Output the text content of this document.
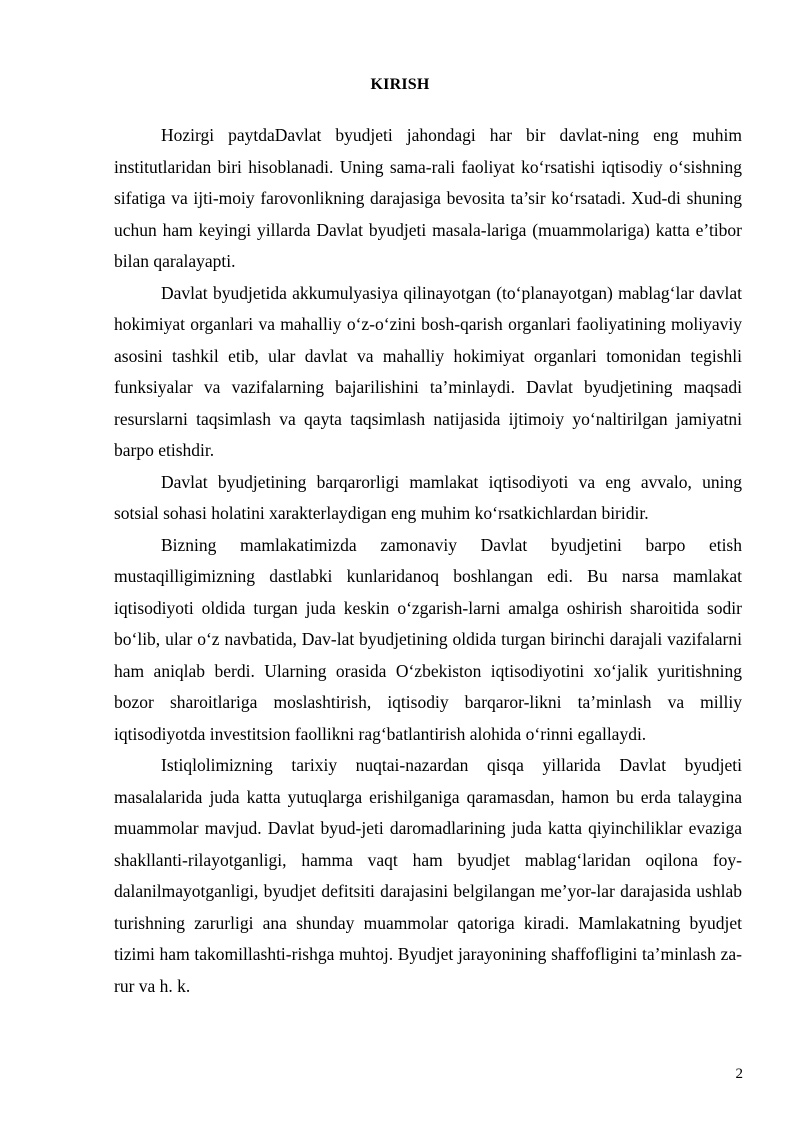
KIRISH

Hozirgi paytdaDavlat byudjeti jahondagi har bir davlat-ning eng muhim institutlaridan biri hisoblanadi. Uning sama-rali faoliyat ko‘rsatishi iqtisodiy o‘sishning sifatiga va ijti-moiy farovonlikning darajasiga bevosita ta’sir ko‘rsatadi. Xud-di shuning uchun ham keyingi yillarda Davlat byudjeti masala-lariga (muammolariga) katta e’tibor bilan qaralayapti.

Davlat byudjetida akkumulyasiya qilinayotgan (to‘planayotgan) mablag‘lar davlat hokimiyat organlari va mahalliy o‘z-o‘zini bosh-qarish organlari faoliyatining moliyaviy asosini tashkil etib, ular davlat va mahalliy hokimiyat organlari tomonidan tegishli funksiyalar va vazifalarning bajarilishini ta’minlaydi. Davlat byudjetining maqsadi resurslarni taqsimlash va qayta taqsimlash natijasida ijtimoiy yo‘naltirilgan jamiyatni barpo etishdir.

Davlat byudjetining barqarorligi mamlakat iqtisodiyoti va eng avvalo, uning sotsial sohasi holatini xarakterlaydigan eng muhim ko‘rsatkichlardan biridir.

Bizning mamlakatimizda zamonaviy Davlat byudjetini barpo etish mustaqilligimizning dastlabki kunlaridanoq boshlangan edi. Bu narsa mamlakat iqtisodiyoti oldida turgan juda keskin o‘zgarish-larni amalga oshirish sharoitida sodir bo‘lib, ular o‘z navbatida, Dav-lat byudjetining oldida turgan birinchi darajali vazifalarni ham aniqlab berdi. Ularning orasida O‘zbekiston iqtisodiyotini xo‘jalik yuritishning bozor sharoitlariga moslashtirish, iqtisodiy barqaror-likni ta’minlash va milliy iqtisodiyotda investitsion faollikni rag‘batlantirish alohida o‘rinni egallaydi.

Istiqlolimizning tarixiy nuqtai-nazardan qisqa yillarida Davlat byudjeti masalalarida juda katta yutuqlarga erishilganiga qaramasdan, hamon bu erda talaygina muammolar mavjud. Davlat byud-jeti daromadlarining juda katta qiyinchiliklar evaziga shakllanti-rilayotganligi, hamma vaqt ham byudjet mablag‘laridan oqilona foy-dalanilmayotganligi, byudjet defitsiti darajasini belgilangan me’yor-lar darajasida ushlab turishning zarurligi ana shunday muammolar qatoriga kiradi. Mamlakatning byudjet tizimi ham takomillashti-rishga muhtoj. Byudjet jarayonining shaffofligini ta’minlash za-rur va h. k.

2
